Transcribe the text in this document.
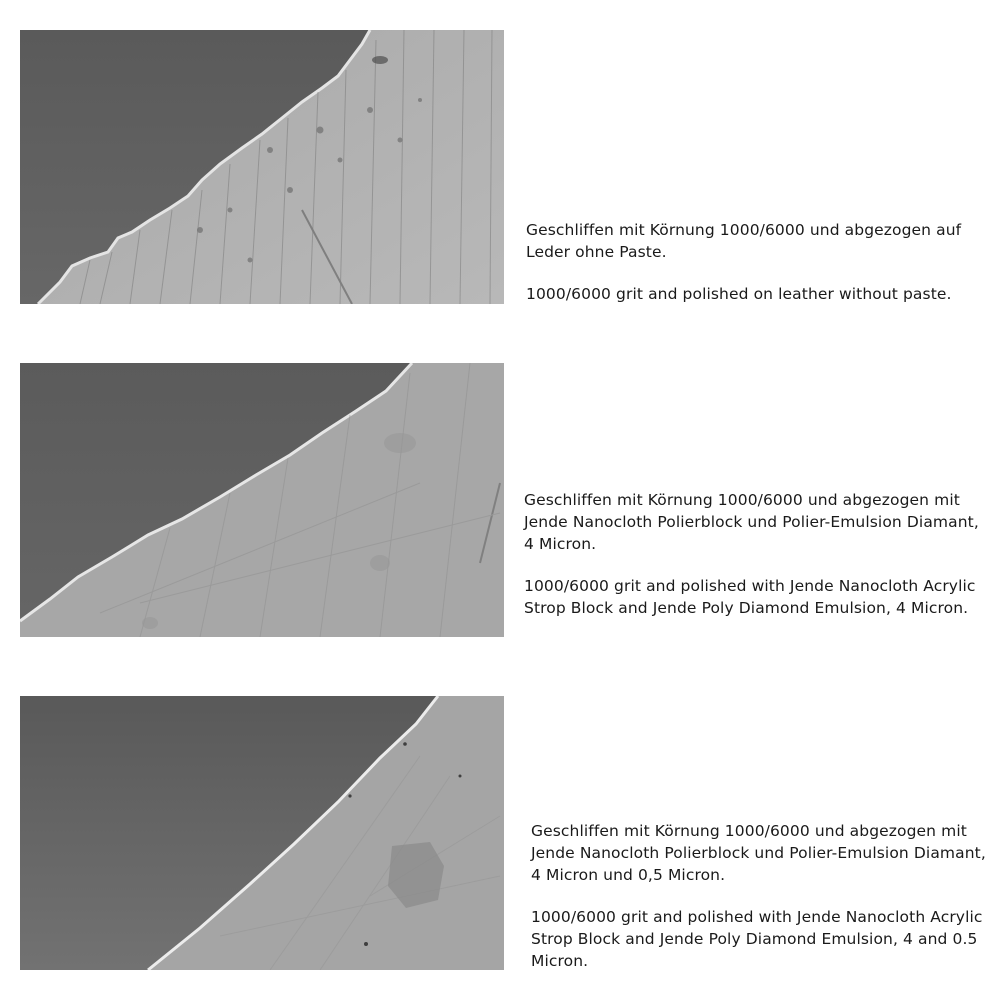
Geschliffen mit Körnung 1000/6000 und abgezogen auf Leder ohne Paste.

1000/6000 grit and polished on leather without paste.

Geschliffen mit Körnung 1000/6000 und abgezogen mit Jende Nanocloth Polierblock und Polier-Emulsion Diamant, 4 Micron.

1000/6000 grit and polished with Jende Nanocloth Acrylic Strop Block and Jende Poly Diamond Emulsion, 4 Micron.

Geschliffen mit Körnung 1000/6000 und abgezogen mit Jende Nanocloth Polierblock und Polier-Emulsion Diamant, 4 Micron und 0,5 Micron.

1000/6000 grit and polished with Jende Nanocloth Acrylic Strop Block and Jende Poly Diamond Emulsion, 4 and 0.5 Micron.
